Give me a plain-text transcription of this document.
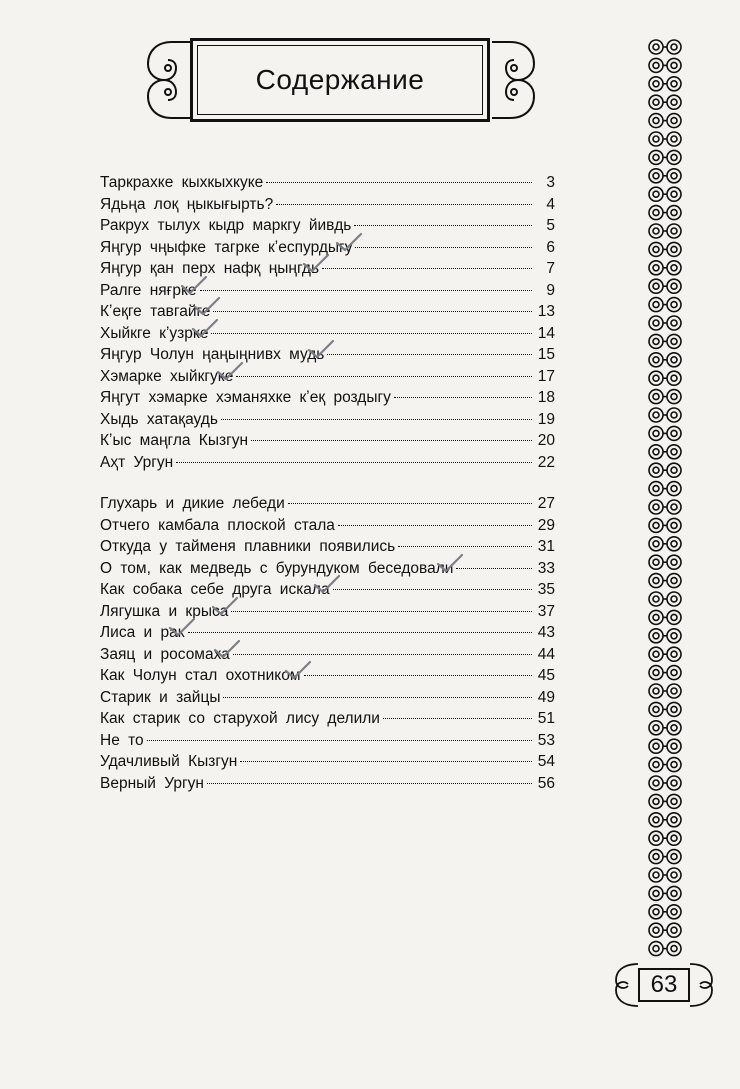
Содержание
Таркрахке кыхкыхкуке	3
Ядьңа лоқ ңыкығырть?	4
Ракрух тылух кыдр маркгу йивдь	5
Яңгур чңыфке тагрке кʼеспурдыгу	6
Яңгур қан перх нафқ ңыңгдь	7
Ралге няғрке	9
Кʼеқге тавгайге	13
Хыйкге кʼузрке	14
Яңгур Чолун ңаңыңнивх мудь	15
Хэмарке хыйкгуке	17
Яңгут хэмарке хэманяхке кʼеқ роздыгу	18
Хыдь хатақаудь	19
Кʼыс маңгла Кызгун	20
Аҳт Ургун	22
Глухарь и дикие лебеди	27
Отчего камбала плоской стала	29
Откуда у тайменя плавники появились	31
О том, как медведь с бурундуком беседовали	33
Как собака себе друга искала	35
Лягушка и крыса	37
Лиса и рак	43
Заяц и росомаха	44
Как Чолун стал охотником	45
Старик и зайцы	49
Как старик со старухой лису делили	51
Не то	53
Удачливый Кызгун	54
Верный Ургун	56
63
